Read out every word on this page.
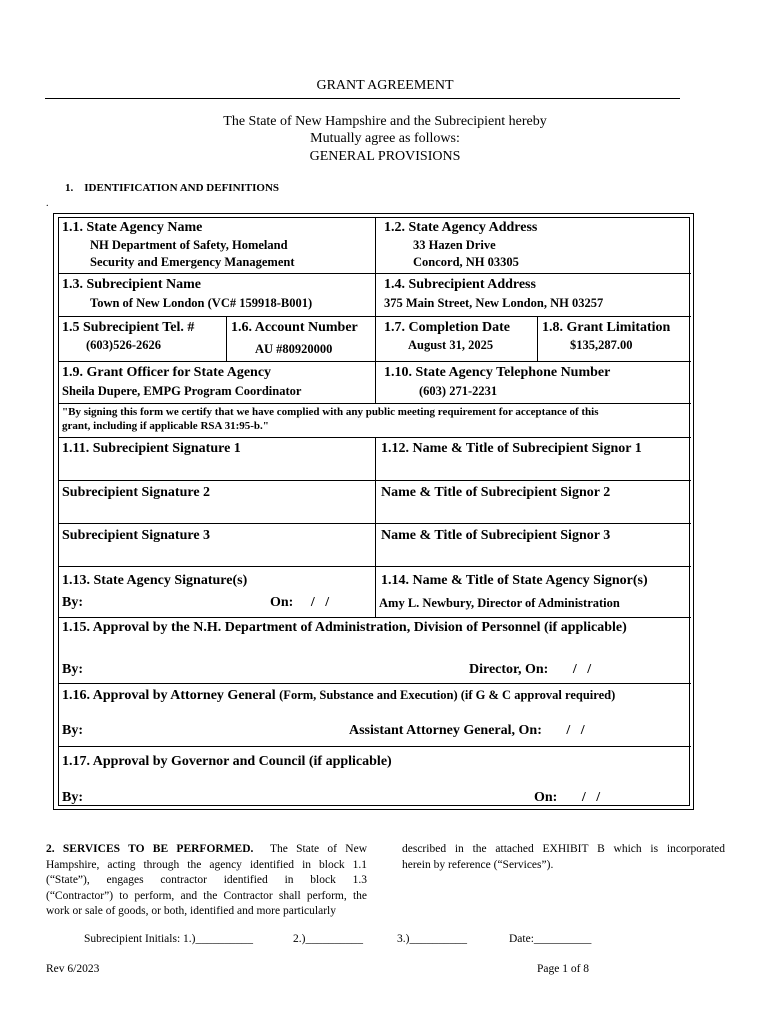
GRANT AGREEMENT
The State of New Hampshire and the Subrecipient hereby
Mutually agree as follows:
GENERAL PROVISIONS
1. IDENTIFICATION AND DEFINITIONS
.
1.1. State Agency Name
NH Department of Safety, Homeland
Security and Emergency Management
1.2. State Agency Address
33 Hazen Drive
Concord, NH 03305
1.3. Subrecipient Name
Town of New London (VC# 159918-B001)
1.4. Subrecipient Address
375 Main Street, New London, NH 03257
1.5 Subrecipient Tel. #
(603)526-2626
1.6. Account Number
AU #80920000
1.7. Completion Date
August 31, 2025
1.8. Grant Limitation
$135,287.00
1.9. Grant Officer for State Agency
Sheila Dupere, EMPG Program Coordinator
1.10. State Agency Telephone Number
(603) 271-2231
"By signing this form we certify that we have complied with any public meeting requirement for acceptance of this
grant, including if applicable RSA 31:95-b."
1.11. Subrecipient Signature 1	1.12. Name & Title of Subrecipient Signor 1
Subrecipient Signature 2	Name & Title of Subrecipient Signor 2
Subrecipient Signature 3	Name & Title of Subrecipient Signor 3
1.13. State Agency Signature(s)
By:	On:     /   /
1.14. Name & Title of State Agency Signor(s)
Amy L. Newbury, Director of Administration
1.15. Approval by the N.H. Department of Administration, Division of Personnel (if applicable)
By:	Director, On:       /   /
1.16. Approval by Attorney General (Form, Substance and Execution) (if G & C approval required)
By:	Assistant Attorney General, On:       /   /
1.17. Approval by Governor and Council (if applicable)
By:	On:       /   /
2. SERVICES TO BE PERFORMED. The State of New
Hampshire, acting through the agency identified in block 1.1
(“State”), engages contractor identified in block 1.3
(“Contractor”) to perform, and the Contractor shall perform, the
work or sale of goods, or both, identified and more particularly
described in the attached EXHIBIT B which is incorporated
herein by reference (“Services”).
Subrecipient Initials: 1.)__________	2.)__________	3.)__________	Date:__________
Rev 6/2023	Page 1 of 8
